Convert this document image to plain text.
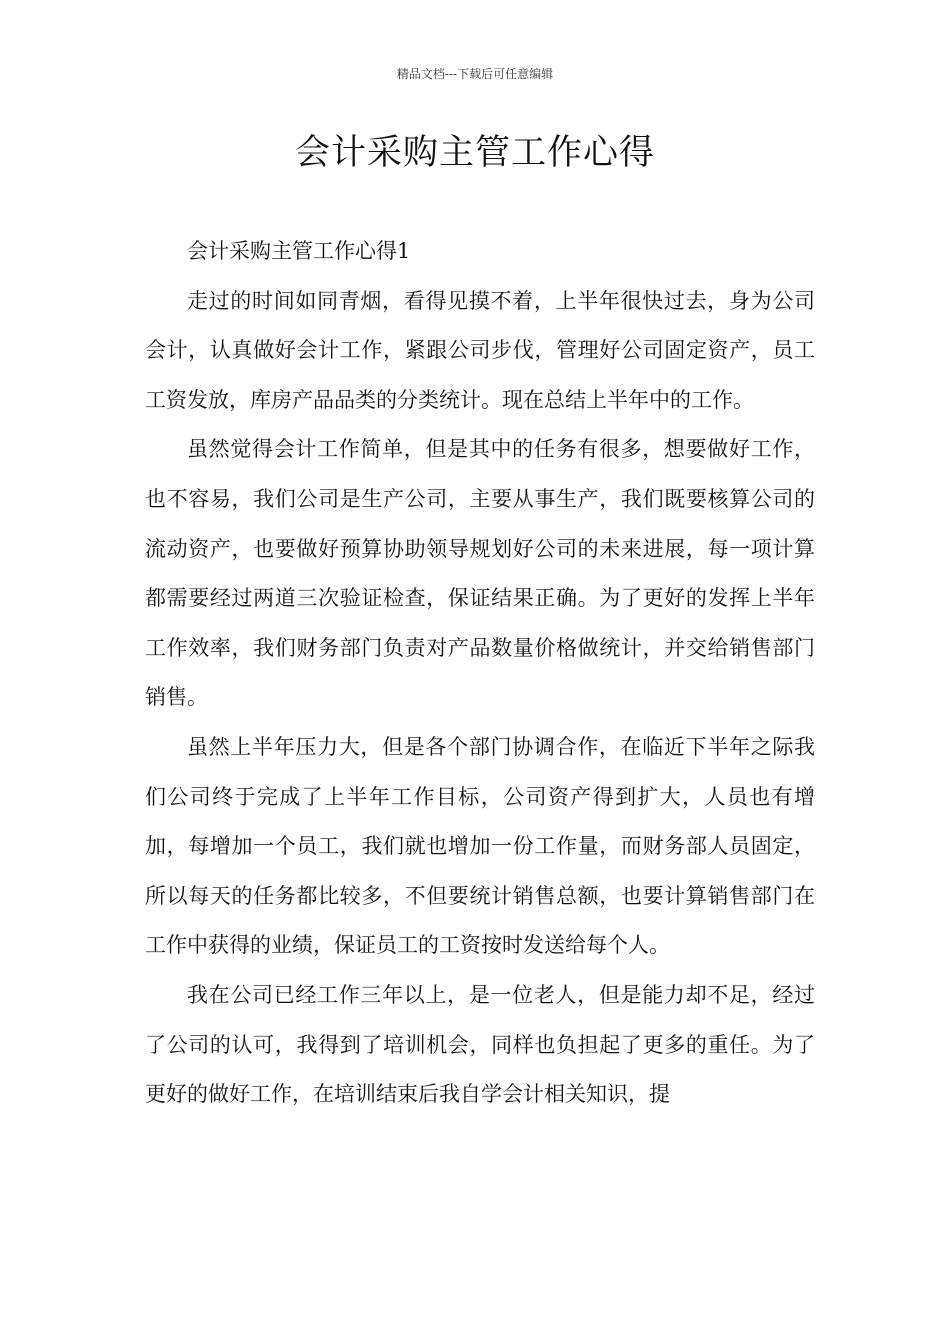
精品文档---下载后可任意编辑
会计采购主管工作心得

会计采购主管工作心得1

走过的时间如同青烟，看得见摸不着，上半年很快过去，身为公司会计，认真做好会计工作，紧跟公司步伐，管理好公司固定资产，员工工资发放，库房产品品类的分类统计。现在总结上半年中的工作。

虽然觉得会计工作简单，但是其中的任务有很多，想要做好工作，也不容易，我们公司是生产公司，主要从事生产，我们既要核算公司的流动资产，也要做好预算协助领导规划好公司的未来进展，每一项计算都需要经过两道三次验证检查，保证结果正确。为了更好的发挥上半年工作效率，我们财务部门负责对产品数量价格做统计，并交给销售部门销售。

虽然上半年压力大，但是各个部门协调合作，在临近下半年之际我们公司终于完成了上半年工作目标，公司资产得到扩大，人员也有增加，每增加一个员工，我们就也增加一份工作量，而财务部人员固定，所以每天的任务都比较多，不但要统计销售总额，也要计算销售部门在工作中获得的业绩，保证员工的工资按时发送给每个人。

我在公司已经工作三年以上，是一位老人，但是能力却不足，经过了公司的认可，我得到了培训机会，同样也负担起了更多的重任。为了更好的做好工作，在培训结束后我自学会计相关知识，提
